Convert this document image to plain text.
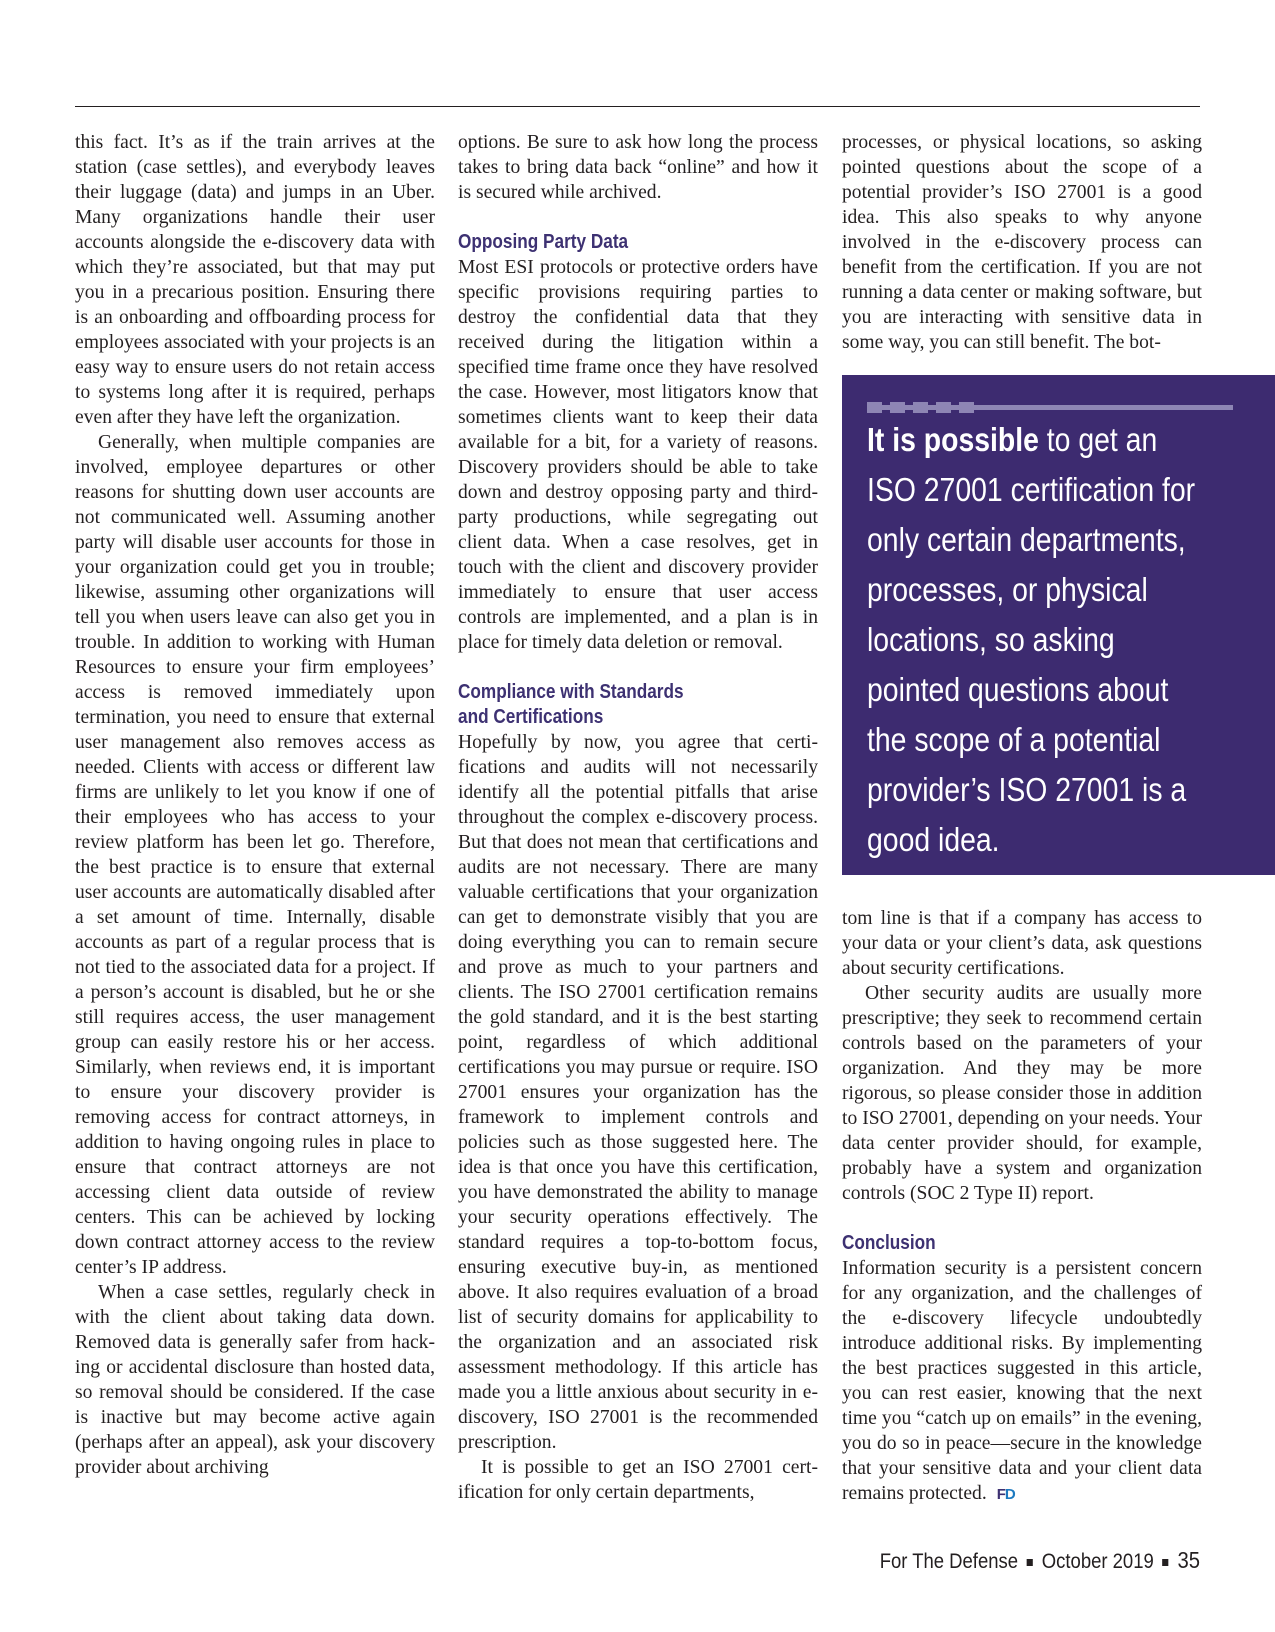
this fact. It’s as if the train arrives at the station (case settles), and everybody leaves their luggage (data) and jumps in an Uber. Many organizations handle their user accounts alongside the e-discovery data with which they’re associated, but that may put you in a precarious position. Ensuring there is an onboarding and offboarding process for employees associated with your projects is an easy way to ensure users do not retain access to systems long after it is required, perhaps even after they have left the organization.

Generally, when multiple companies are involved, employee departures or other reasons for shutting down user accounts are not communicated well. Assuming another party will disable user accounts for those in your organization could get you in trouble; likewise, assuming other organizations will tell you when users leave can also get you in trouble. In addition to working with Human Resources to ensure your firm employees’ access is removed immediately upon termination, you need to ensure that external user management also removes access as needed. Clients with access or different law firms are unlikely to let you know if one of their employees who has access to your review platform has been let go. Therefore, the best practice is to ensure that external user accounts are automatically disabled after a set amount of time. Internally, disable accounts as part of a regular process that is not tied to the associated data for a project. If a person’s account is disabled, but he or she still requires access, the user management group can easily restore his or her access. Similarly, when reviews end, it is important to ensure your discovery provider is removing access for contract attorneys, in addition to having ongoing rules in place to ensure that contract attorneys are not accessing client data outside of review centers. This can be achieved by locking down contract attorney access to the review center’s IP address.

When a case settles, regularly check in with the client about taking data down. Removed data is generally safer from hacking or accidental disclosure than hosted data, so removal should be considered. If the case is inactive but may become active again (perhaps after an appeal), ask your discovery provider about archiving

options. Be sure to ask how long the process takes to bring data back “online” and how it is secured while archived.

Opposing Party Data

Most ESI protocols or protective orders have specific provisions requiring parties to destroy the confidential data that they received during the litigation within a specified time frame once they have resolved the case. However, most litigators know that sometimes clients want to keep their data available for a bit, for a variety of reasons. Discovery providers should be able to take down and destroy opposing party and third-party productions, while segregating out client data. When a case resolves, get in touch with the client and discovery provider immediately to ensure that user access controls are implemented, and a plan is in place for timely data deletion or removal.

Compliance with Standards
and Certifications

Hopefully by now, you agree that certifications and audits will not necessarily identify all the potential pitfalls that arise throughout the complex e-discovery process. But that does not mean that certifications and audits are not necessary. There are many valuable certifications that your organization can get to demonstrate visibly that you are doing everything you can to remain secure and prove as much to your partners and clients. The ISO 27001 certification remains the gold standard, and it is the best starting point, regardless of which additional certifications you may pursue or require. ISO 27001 ensures your organization has the framework to implement controls and policies such as those suggested here. The idea is that once you have this certification, you have demonstrated the ability to manage your security operations effectively. The standard requires a top-to-bottom focus, ensuring executive buy-in, as mentioned above. It also requires evaluation of a broad list of security domains for applicability to the organization and an associated risk assessment methodology. If this article has made you a little anxious about security in e-discovery, ISO 27001 is the recommended prescription.

It is possible to get an ISO 27001 certification for only certain departments,

processes, or physical locations, so asking pointed questions about the scope of a potential provider’s ISO 27001 is a good idea. This also speaks to why anyone involved in the e-discovery process can benefit from the certification. If you are not running a data center or making software, but you are interacting with sensitive data in some way, you can still benefit. The bot-

It is possible to get an ISO 27001 certification for only certain departments, processes, or physical locations, so asking pointed questions about the scope of a potential provider’s ISO 27001 is a good idea.

tom line is that if a company has access to your data or your client’s data, ask questions about security certifications.

Other security audits are usually more prescriptive; they seek to recommend certain controls based on the parameters of your organization. And they may be more rigorous, so please consider those in addition to ISO 27001, depending on your needs. Your data center provider should, for example, probably have a system and organization controls (SOC 2 Type II) report.

Conclusion

Information security is a persistent concern for any organization, and the challenges of the e-discovery lifecycle undoubtedly introduce additional risks. By implementing the best practices suggested in this article, you can rest easier, knowing that the next time you “catch up on emails” in the evening, you do so in peace—secure in the knowledge that your sensitive data and your client data remains protected. FD

For The Defense October 2019 35
